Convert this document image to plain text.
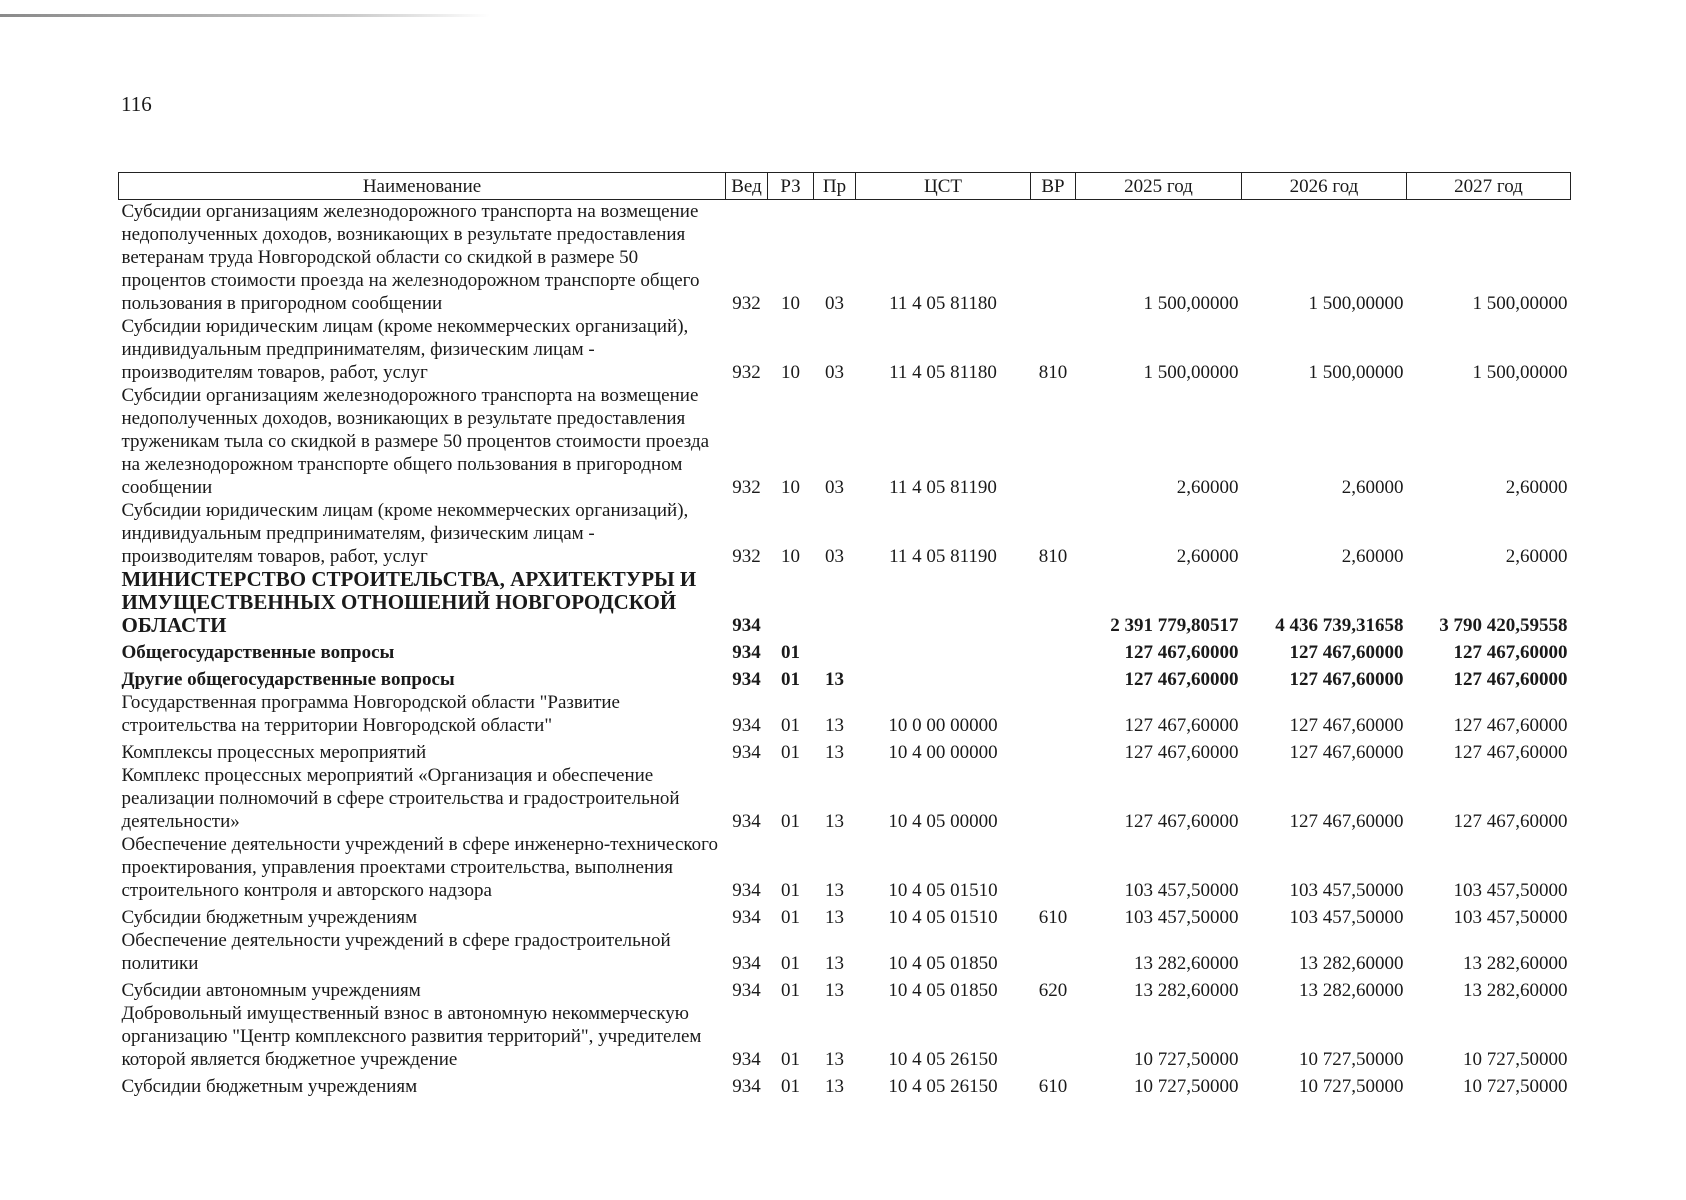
116
Наименование	Вед	РЗ	Пр	ЦСТ	ВР	2025 год	2026 год	2027 год
Субсидии организациям железнодорожного транспорта на возмещение недополученных доходов, возникающих в результате предоставления ветеранам труда Новгородской области со скидкой в размере 50 процентов стоимости проезда на железнодорожном транспорте общего пользования в пригородном сообщении	932	10	03	11 4 05 81180		1 500,00000	1 500,00000	1 500,00000
Субсидии юридическим лицам (кроме некоммерческих организаций), индивидуальным предпринимателям, физическим лицам - производителям товаров, работ, услуг	932	10	03	11 4 05 81180	810	1 500,00000	1 500,00000	1 500,00000
Субсидии организациям железнодорожного транспорта на возмещение недополученных доходов, возникающих в результате предоставления труженикам тыла со скидкой в размере 50 процентов стоимости проезда на железнодорожном транспорте общего пользования в пригородном сообщении	932	10	03	11 4 05 81190		2,60000	2,60000	2,60000
Субсидии юридическим лицам (кроме некоммерческих организаций), индивидуальным предпринимателям, физическим лицам - производителям товаров, работ, услуг	932	10	03	11 4 05 81190	810	2,60000	2,60000	2,60000
МИНИСТЕРСТВО СТРОИТЕЛЬСТВА, АРХИТЕКТУРЫ И ИМУЩЕСТВЕННЫХ ОТНОШЕНИЙ НОВГОРОДСКОЙ ОБЛАСТИ	934					2 391 779,80517	4 436 739,31658	3 790 420,59558
Общегосударственные вопросы	934	01				127 467,60000	127 467,60000	127 467,60000
Другие общегосударственные вопросы	934	01	13			127 467,60000	127 467,60000	127 467,60000
Государственная программа Новгородской области "Развитие строительства на территории Новгородской области"	934	01	13	10 0 00 00000		127 467,60000	127 467,60000	127 467,60000
Комплексы процессных мероприятий	934	01	13	10 4 00 00000		127 467,60000	127 467,60000	127 467,60000
Комплекс процессных мероприятий «Организация и обеспечение реализации полномочий в сфере строительства и градостроительной деятельности»	934	01	13	10 4 05 00000		127 467,60000	127 467,60000	127 467,60000
Обеспечение деятельности учреждений в сфере инженерно-технического проектирования, управления проектами строительства, выполнения строительного контроля и авторского надзора	934	01	13	10 4 05 01510		103 457,50000	103 457,50000	103 457,50000
Субсидии бюджетным учреждениям	934	01	13	10 4 05 01510	610	103 457,50000	103 457,50000	103 457,50000
Обеспечение деятельности учреждений в сфере градостроительной политики	934	01	13	10 4 05 01850		13 282,60000	13 282,60000	13 282,60000
Субсидии автономным учреждениям	934	01	13	10 4 05 01850	620	13 282,60000	13 282,60000	13 282,60000
Добровольный имущественный взнос в автономную некоммерческую организацию "Центр комплексного развития территорий", учредителем которой является бюджетное учреждение	934	01	13	10 4 05 26150		10 727,50000	10 727,50000	10 727,50000
Субсидии бюджетным учреждениям	934	01	13	10 4 05 26150	610	10 727,50000	10 727,50000	10 727,50000
